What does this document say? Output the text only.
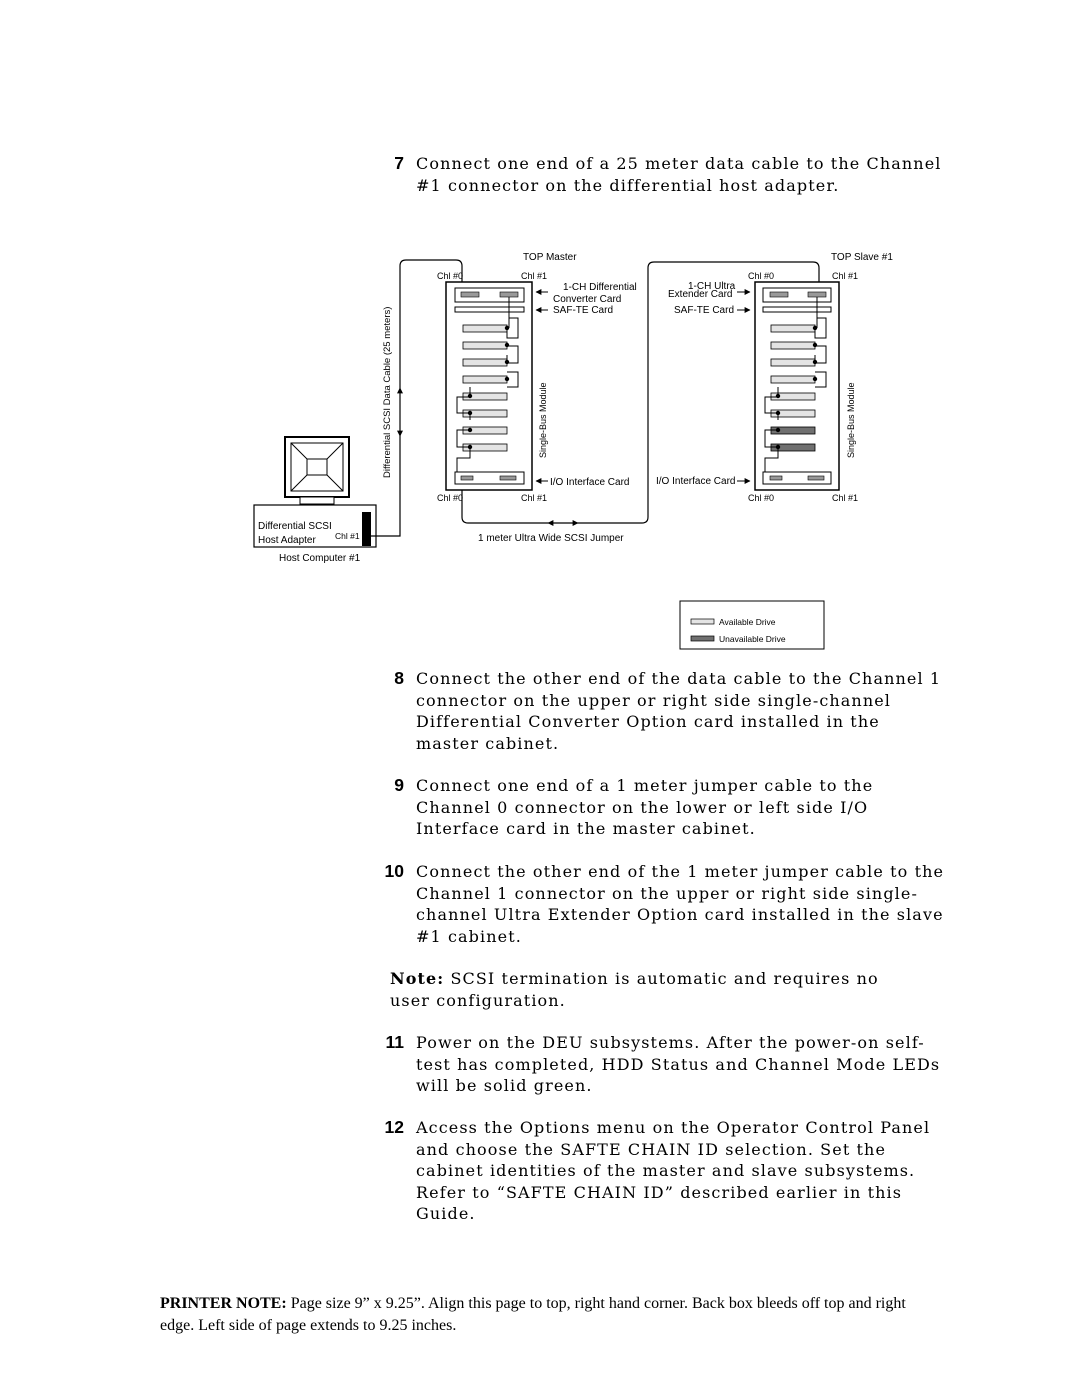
7 Connect one end of a 25 meter data cable to the Channel #1 connector on the differential host adapter.
Differential SCSI
Host Adapter Chl #1
Host Computer #1
Differential SCSI Data Cable (25 meters)
TOP Master
Chl #0	Chl #1
Single-Bus Module
Chl #0	Chl #1
1-CH Differential
Converter Card
SAF-TE Card
I/O Interface Card
1 meter Ultra Wide SCSI Jumper
TOP Slave #1
Chl #0	Chl #1
Single-Bus Module
Chl #0	Chl #1
1-CH Ultra
Extender Card
SAF-TE Card
I/O Interface Card
Available Drive
Unavailable Drive
8 Connect the other end of the data cable to the Channel 1 connector on the upper or right side single-channel Differential Converter Option card installed in the master cabinet.
9 Connect one end of a 1 meter jumper cable to the Channel 0 connector on the lower or left side I/O Interface card in the master cabinet.
10 Connect the other end of the 1 meter jumper cable to the Channel 1 connector on the upper or right side single-channel Ultra Extender Option card installed in the slave #1 cabinet.
Note: SCSI termination is automatic and requires no user configuration.
11 Power on the DEU subsystems. After the power-on self-test has completed, HDD Status and Channel Mode LEDs will be solid green.
12 Access the Options menu on the Operator Control Panel and choose the SAFTE CHAIN ID selection. Set the cabinet identities of the master and slave subsystems. Refer to “SAFTE CHAIN ID” described earlier in this Guide.
PRINTER NOTE: Page size 9” x 9.25”. Align this page to top, right hand corner. Back box bleeds off top and right edge. Left side of page extends to 9.25 inches.
